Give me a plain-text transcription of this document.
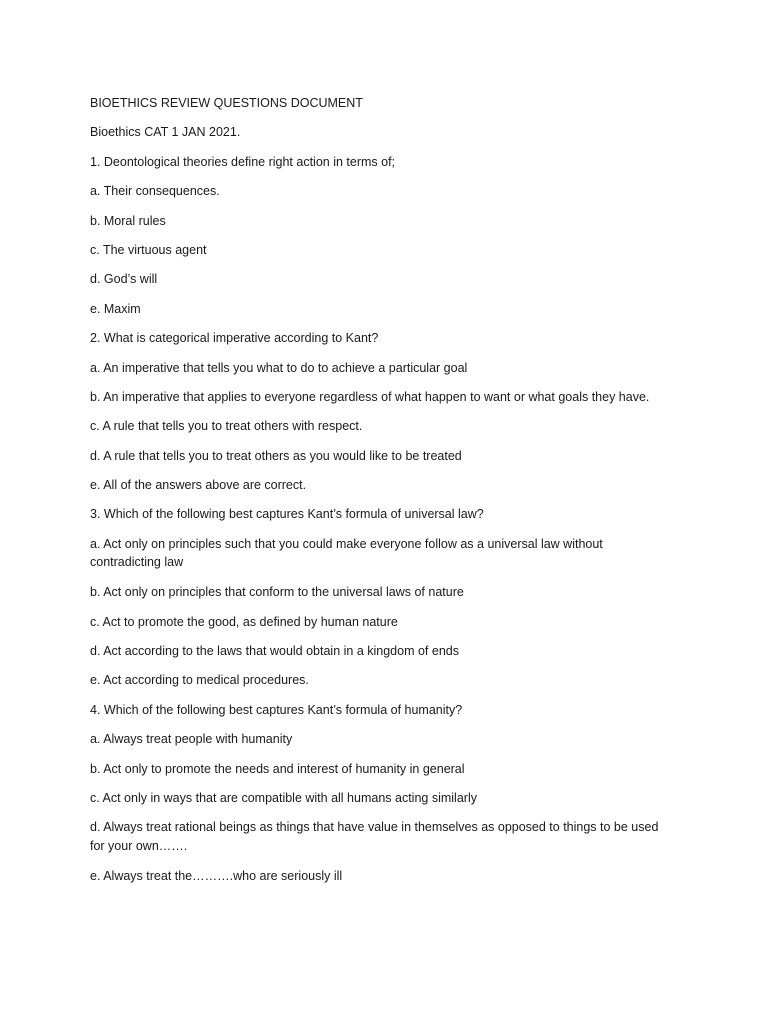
BIOETHICS REVIEW QUESTIONS DOCUMENT

Bioethics CAT 1 JAN 2021.

1. Deontological theories define right action in terms of;

a. Their consequences.

b. Moral rules

c. The virtuous agent

d. God’s will

e. Maxim

2. What is categorical imperative according to Kant?

a. An imperative that tells you what to do to achieve a particular goal

b. An imperative that applies to everyone regardless of what happen to want or what goals they have.

c. A rule that tells you to treat others with respect.

d. A rule that tells you to treat others as you would like to be treated

e. All of the answers above are correct.

3. Which of the following best captures Kant’s formula of universal law?

a. Act only on principles such that you could make everyone follow as a universal law without contradicting law

b. Act only on principles that conform to the universal laws of nature

c. Act to promote the good, as defined by human nature

d. Act according to the laws that would obtain in a kingdom of ends

e. Act according to medical procedures.

4. Which of the following best captures Kant’s formula of humanity?

a. Always treat people with humanity

b. Act only to promote the needs and interest of humanity in general

c. Act only in ways that are compatible with all humans acting similarly

d. Always treat rational beings as things that have value in themselves as opposed to things to be used for your own…….

e. Always treat the……….who are seriously ill
